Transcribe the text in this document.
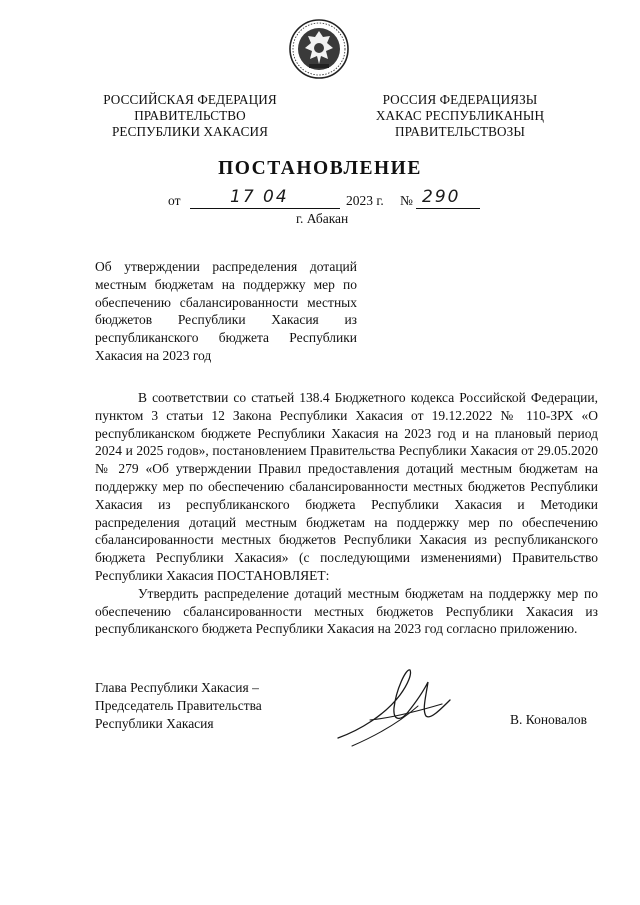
РОССИЙСКАЯ ФЕДЕРАЦИЯ
ПРАВИТЕЛЬСТВО
РЕСПУБЛИКИ ХАКАСИЯ
РОССИЯ ФЕДЕРАЦИЯЗЫ
ХАКАС РЕСПУБЛИКАНЫҢ
ПРАВИТЕЛЬСТВОЗЫ
ПОСТАНОВЛЕНИЕ
от	17 04	2023 г. № 290
г. Абакан
Об утверждении распределения дотаций местным бюджетам на поддержку мер по обеспечению сбалансированности местных бюджетов Республики Хакасия из республиканского бюджета Республики Хакасия на 2023 год

В соответствии со статьей 138.4 Бюджетного кодекса Российской Федерации, пунктом 3 статьи 12 Закона Республики Хакасия от 19.12.2022 № 110-ЗРХ «О республиканском бюджете Республики Хакасия на 2023 год и на плановый период 2024 и 2025 годов», постановлением Правительства Республики Хакасия от 29.05.2020 № 279 «Об утверждении Правил предоставления дотаций местным бюджетам на поддержку мер по обеспечению сбалансированности местных бюджетов Республики Хакасия из республиканского бюджета Республики Хакасия и Методики распределения дотаций местным бюджетам на поддержку мер по обеспечению сбалансированности местных бюджетов Республики Хакасия из республиканского бюджета Республики Хакасия» (с последующими изменениями) Правительство Республики Хакасия ПОСТАНОВЛЯЕТ:

Утвердить распределение дотаций местным бюджетам на поддержку мер по обеспечению сбалансированности местных бюджетов Республики Хакасия из республиканского бюджета Республики Хакасия на 2023 год согласно приложению.

Глава Республики Хакасия –
Председатель Правительства
Республики Хакасия	В. Коновалов
